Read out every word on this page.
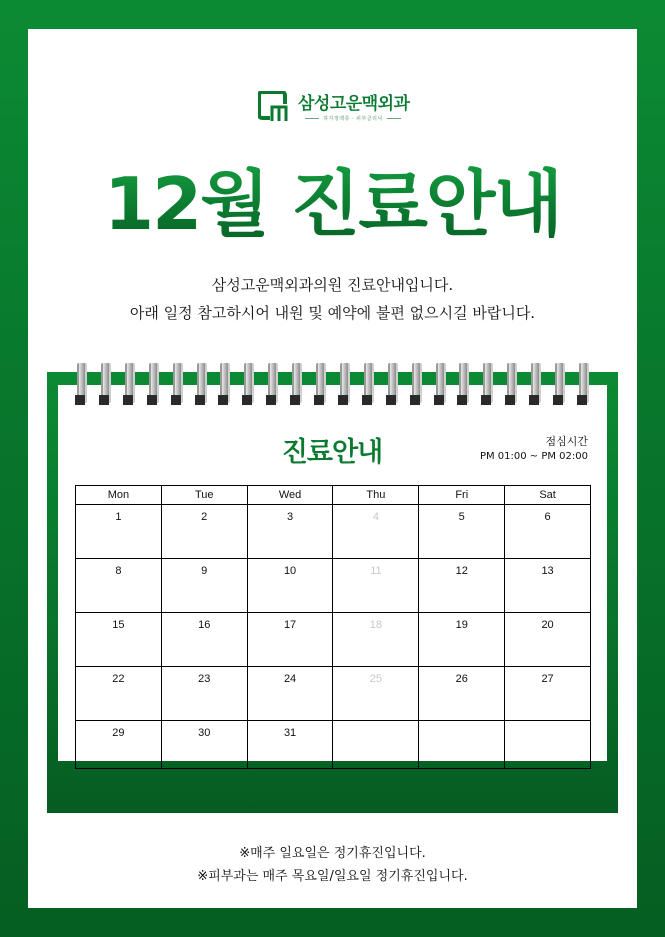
삼성고운맥외과
하지정맥류 · 피부클리닉
12월 진료안내
삼성고운맥외과의원 진료안내입니다.
아래 일정 참고하시어 내원 및 예약에 불편 없으시길 바랍니다.
진료안내	점심시간
PM 01:00 ~ PM 02:00
Mon	Tue	Wed	Thu	Fri	Sat
1	2	3	4	5	6
8	9	10	11	12	13
15	16	17	18	19	20
22	23	24	25	26	27
29	30	31			
※매주 일요일은 정기휴진입니다.
※피부과는 매주 목요일/일요일 정기휴진입니다.
